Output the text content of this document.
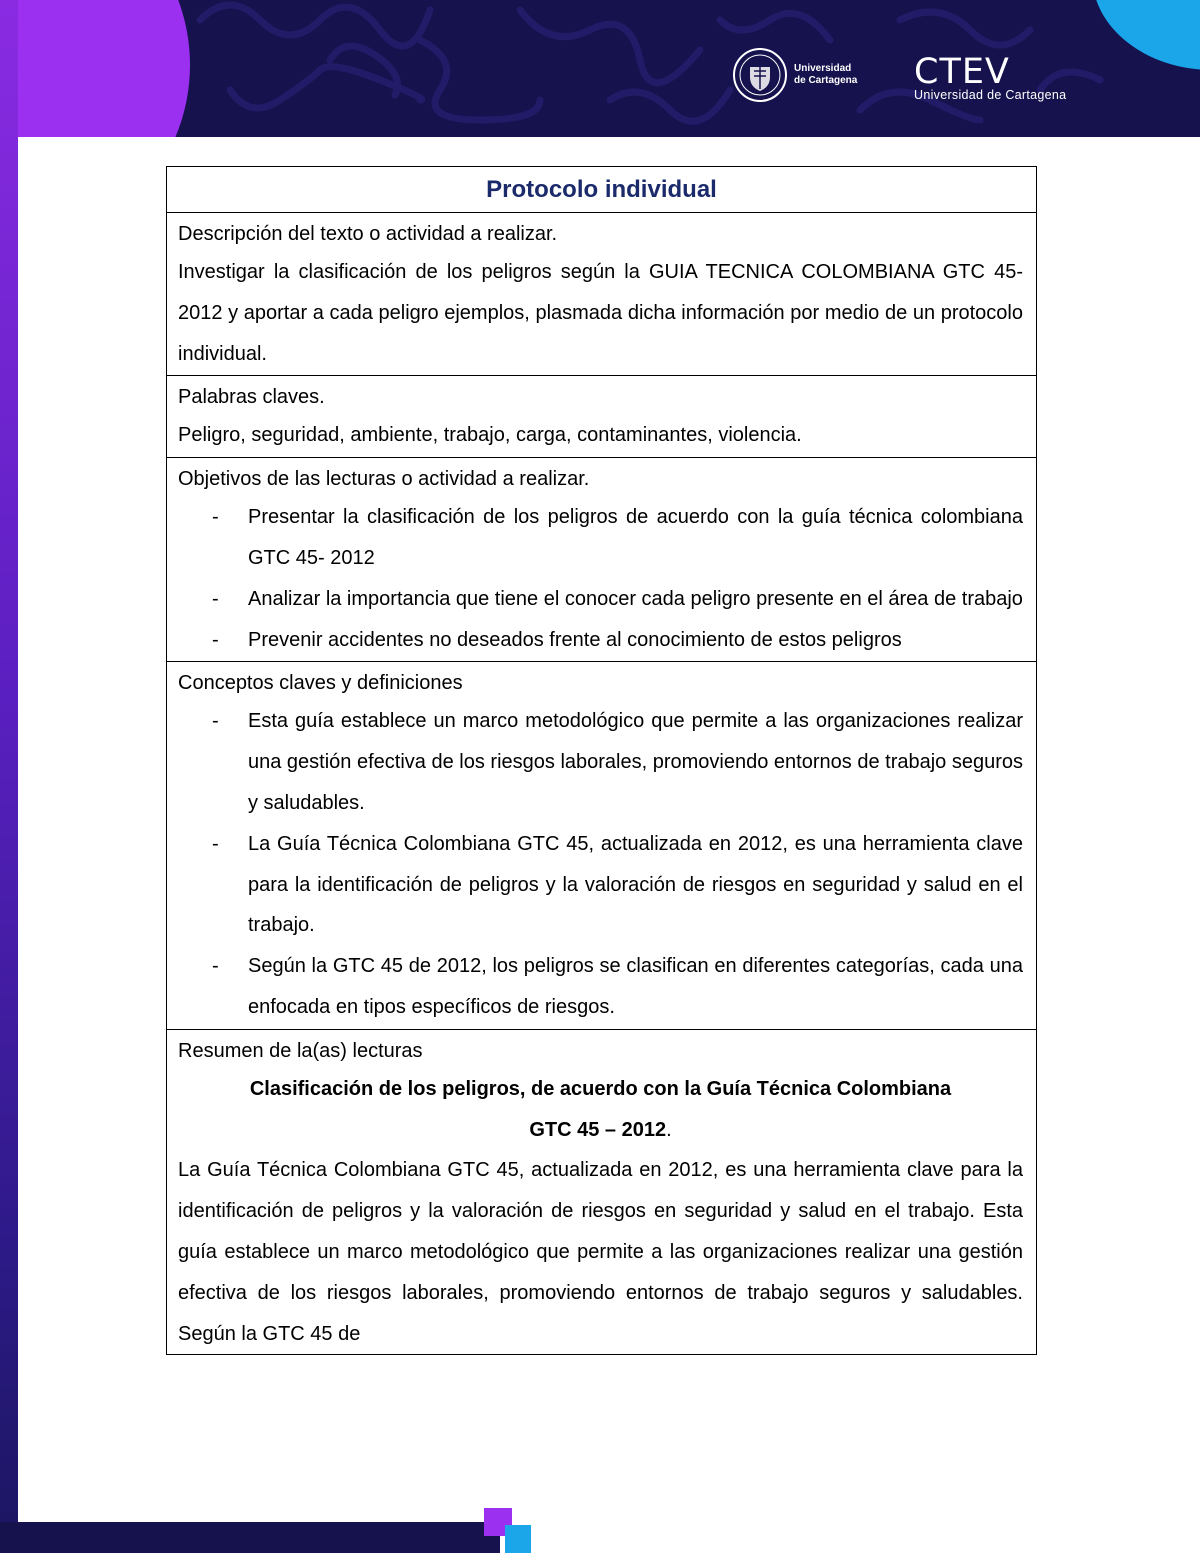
Universidad
de Cartagena CTEV
Universidad de Cartagena
Protocolo individual

Descripción del texto o actividad a realizar.

Investigar la clasificación de los peligros según la GUIA TECNICA COLOMBIANA GTC 45-2012 y aportar a cada peligro ejemplos, plasmada dicha información por medio de un protocolo individual.

Palabras claves.

Peligro, seguridad, ambiente, trabajo, carga, contaminantes, violencia.

Objetivos de las lecturas o actividad a realizar.

- Presentar la clasificación de los peligros de acuerdo con la guía técnica colombiana GTC 45- 2012
- Analizar la importancia que tiene el conocer cada peligro presente en el área de trabajo
- Prevenir accidentes no deseados frente al conocimiento de estos peligros

Conceptos claves y definiciones

- Esta guía establece un marco metodológico que permite a las organizaciones realizar una gestión efectiva de los riesgos laborales, promoviendo entornos de trabajo seguros y saludables.
- La Guía Técnica Colombiana GTC 45, actualizada en 2012, es una herramienta clave para la identificación de peligros y la valoración de riesgos en seguridad y salud en el trabajo.
- Según la GTC 45 de 2012, los peligros se clasifican en diferentes categorías, cada una enfocada en tipos específicos de riesgos.

Resumen de la(as) lecturas

Clasificación de los peligros, de acuerdo con la Guía Técnica Colombiana

GTC 45 – 2012.

La Guía Técnica Colombiana GTC 45, actualizada en 2012, es una herramienta clave para la identificación de peligros y la valoración de riesgos en seguridad y salud en el trabajo. Esta guía establece un marco metodológico que permite a las organizaciones realizar una gestión efectiva de los riesgos laborales, promoviendo entornos de trabajo seguros y saludables. Según la GTC 45 de
